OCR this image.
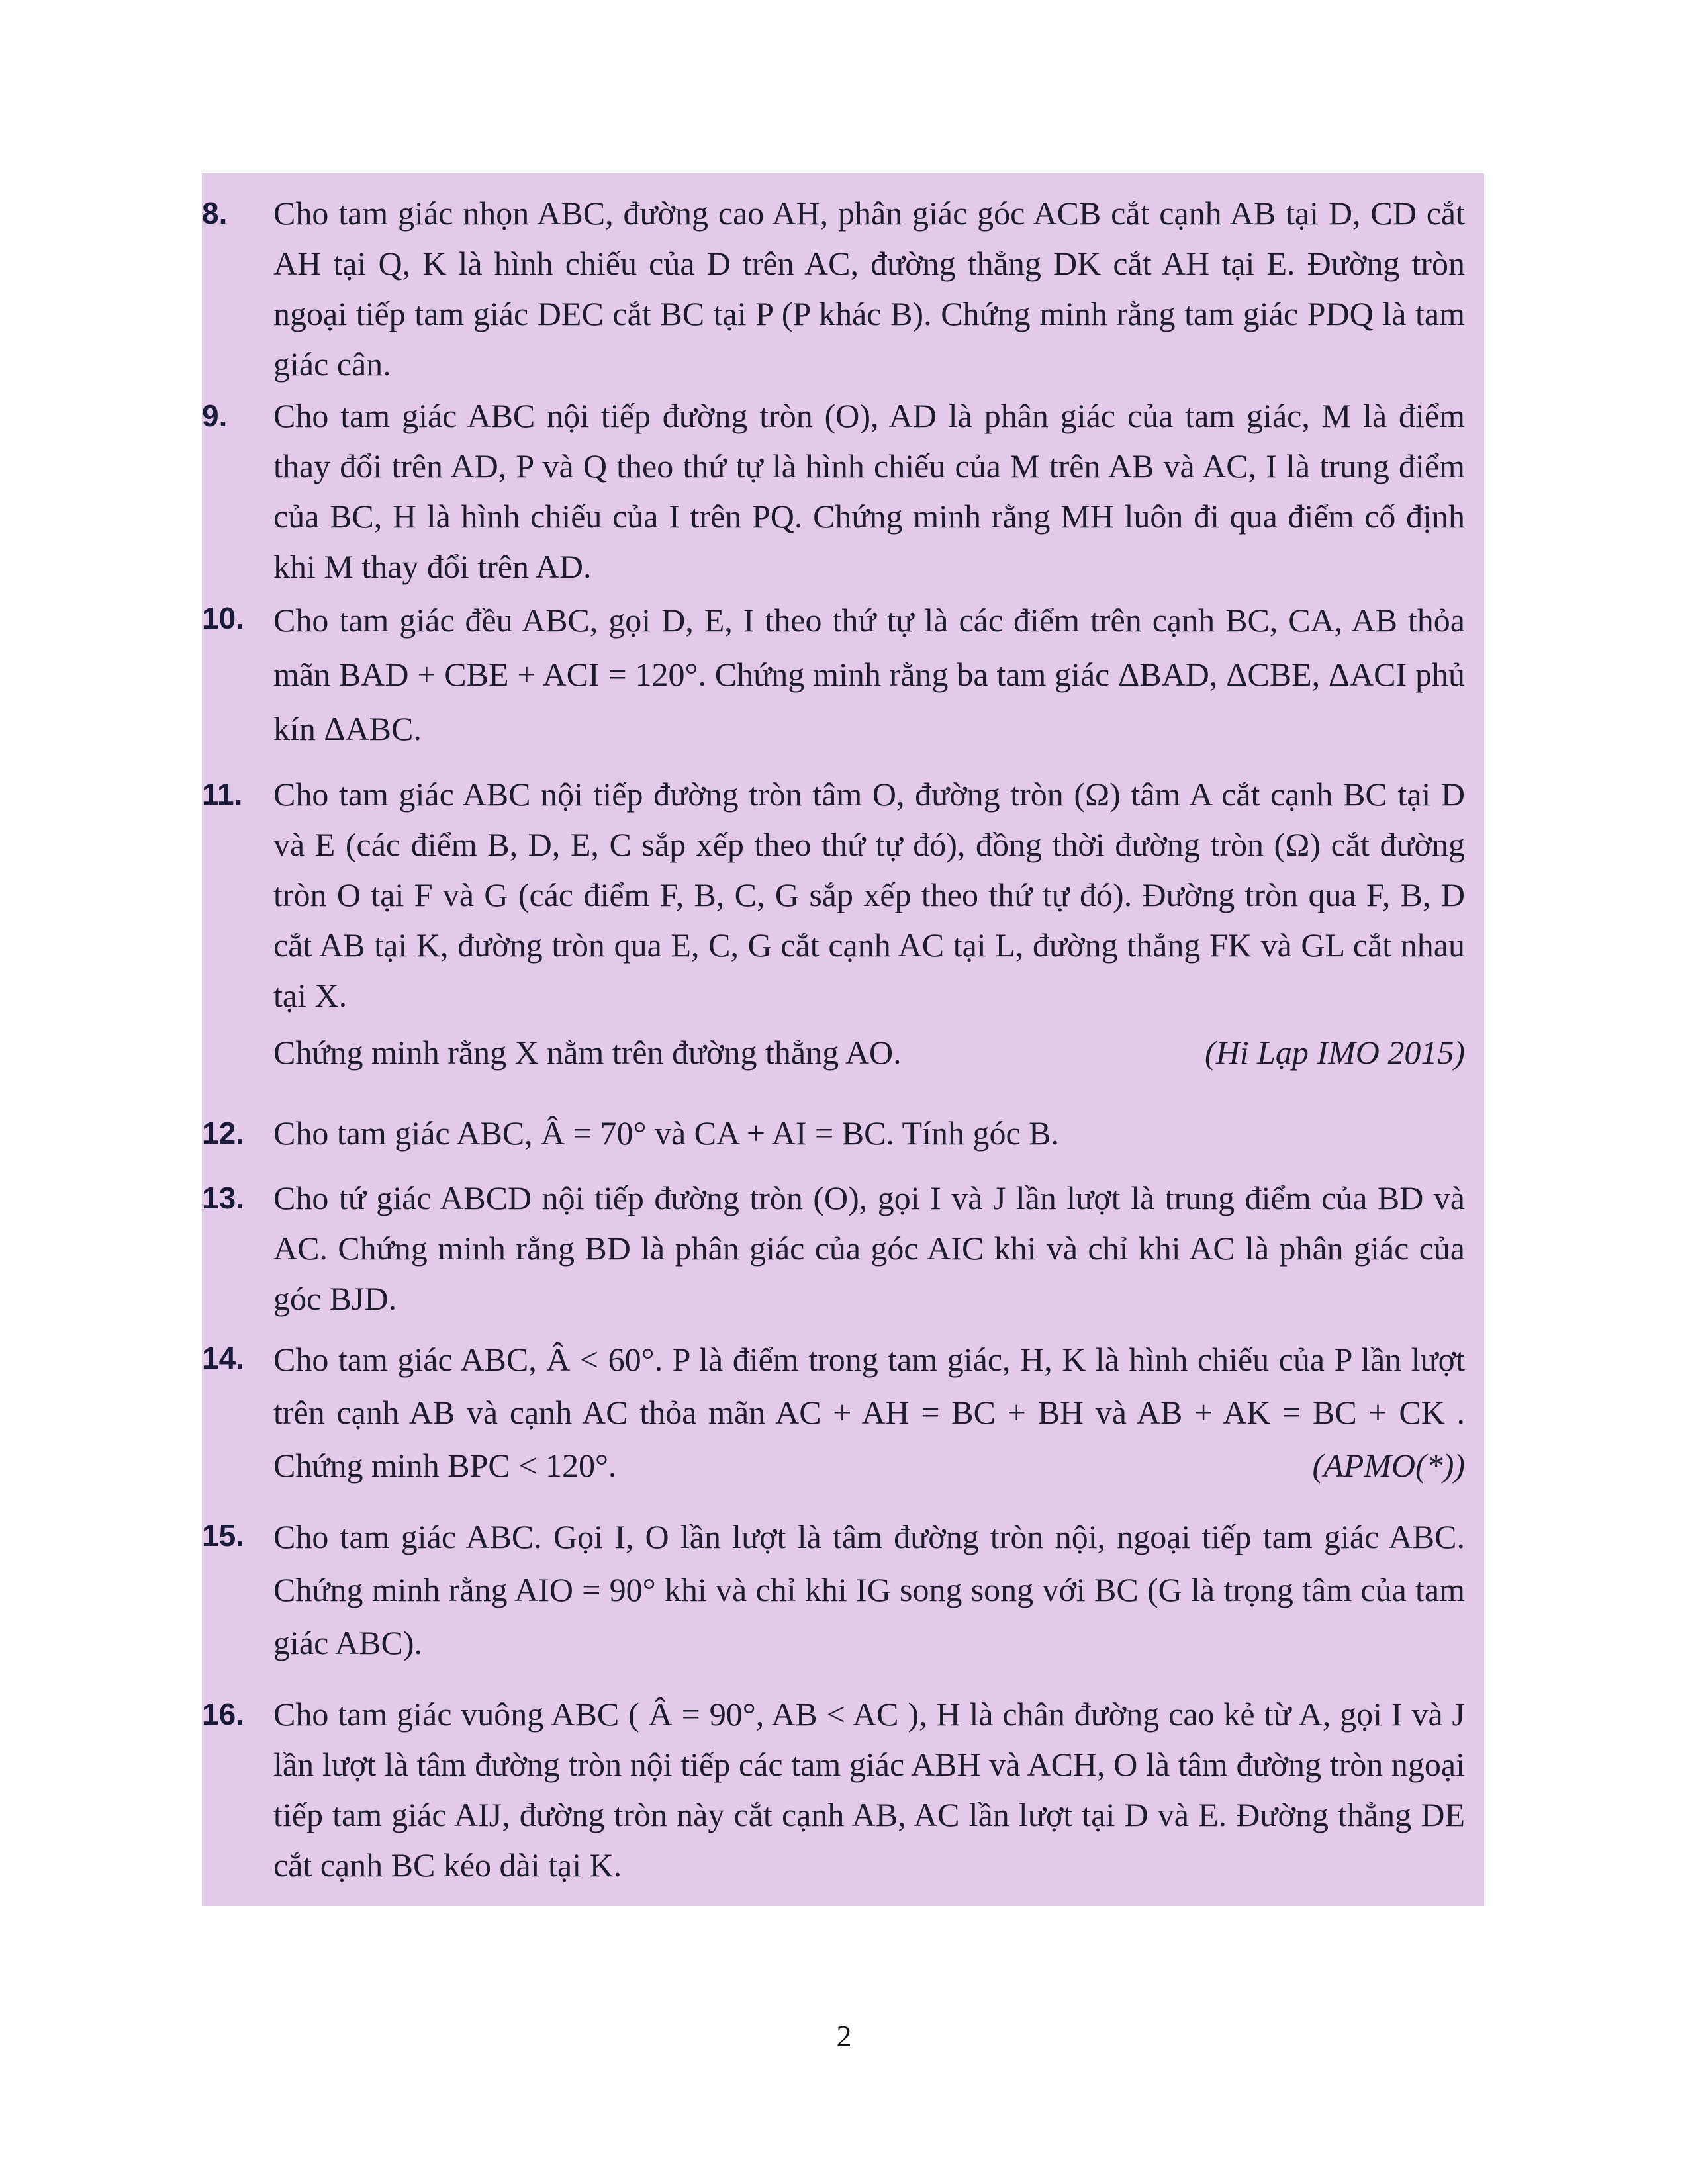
8.	Cho tam giác nhọn ABC, đường cao AH, phân giác góc ACB cắt cạnh AB tại D, CD cắt AH tại Q, K là hình chiếu của D trên AC, đường thẳng DK cắt AH tại E. Đường tròn ngoại tiếp tam giác DEC cắt BC tại P (P khác B). Chứng minh rằng tam giác PDQ là tam giác cân.

9.	Cho tam giác ABC nội tiếp đường tròn (O), AD là phân giác của tam giác, M là điểm thay đổi trên AD, P và Q theo thứ tự là hình chiếu của M trên AB và AC, I là trung điểm của BC, H là hình chiếu của I trên PQ. Chứng minh rằng MH luôn đi qua điểm cố định khi M thay đổi trên AD.

10. Cho tam giác đều ABC, gọi D, E, I theo thứ tự là các điểm trên cạnh BC, CA, AB thỏa mãn BAD + CBE + ACI = 120°. Chứng minh rằng ba tam giác ΔBAD, ΔCBE, ΔACI phủ kín ΔABC.

11. Cho tam giác ABC nội tiếp đường tròn tâm O, đường tròn (Ω) tâm A cắt cạnh BC tại D và E (các điểm B, D, E, C sắp xếp theo thứ tự đó), đồng thời đường tròn (Ω) cắt đường tròn O tại F và G (các điểm F, B, C, G sắp xếp theo thứ tự đó). Đường tròn qua F, B, D cắt AB tại K, đường tròn qua E, C, G cắt cạnh AC tại L, đường thẳng FK và GL cắt nhau tại X.

(Hi Lạp IMO 2015)
Chứng minh rằng X nằm trên đường thẳng AO.

12. Cho tam giác ABC, Â = 70° và CA + AI = BC. Tính góc B.

13. Cho tứ giác ABCD nội tiếp đường tròn (O), gọi I và J lần lượt là trung điểm của BD và AC. Chứng minh rằng BD là phân giác của góc AIC khi và chỉ khi AC là phân giác của góc BJD.

14. Cho tam giác ABC, Â < 60°. P là điểm trong tam giác, H, K là hình chiếu của P lần lượt trên cạnh AB và cạnh AC thỏa mãn AC + AH = BC + BH và AB + AK = BC + CK . Chứng minh BPC < 120°.	(APMO(*))

15. Cho tam giác ABC. Gọi I, O lần lượt là tâm đường tròn nội, ngoại tiếp tam giác ABC. Chứng minh rằng AIO = 90° khi và chỉ khi IG song song với BC (G là trọng tâm của tam giác ABC).

16. Cho tam giác vuông ABC ( Â = 90°, AB < AC ), H là chân đường cao kẻ từ A, gọi I và J lần lượt là tâm đường tròn nội tiếp các tam giác ABH và ACH, O là tâm đường tròn ngoại tiếp tam giác AIJ, đường tròn này cắt cạnh AB, AC lần lượt tại D và E. Đường thẳng DE cắt cạnh BC kéo dài tại K.

2
